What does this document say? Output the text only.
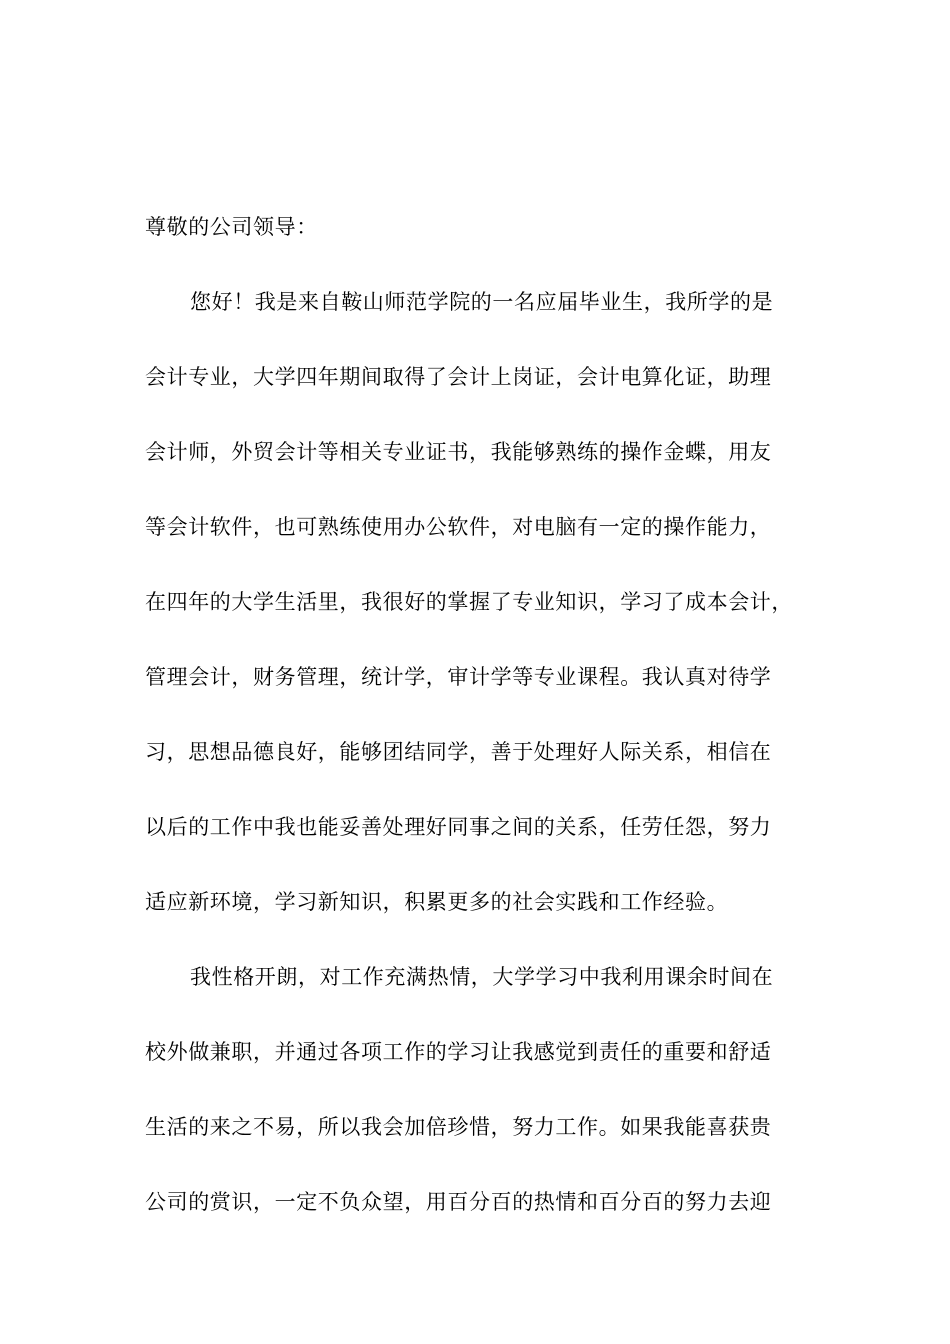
尊敬的公司领导：
您好！我是来自鞍山师范学院的一名应届毕业生，我所学的是
会计专业，大学四年期间取得了会计上岗证，会计电算化证，助理
会计师，外贸会计等相关专业证书，我能够熟练的操作金蝶，用友
等会计软件，也可熟练使用办公软件，对电脑有一定的操作能力，
在四年的大学生活里，我很好的掌握了专业知识，学习了成本会计，
管理会计，财务管理，统计学，审计学等专业课程。我认真对待学
习，思想品德良好，能够团结同学，善于处理好人际关系，相信在
以后的工作中我也能妥善处理好同事之间的关系，任劳任怨，努力
适应新环境，学习新知识，积累更多的社会实践和工作经验。
我性格开朗，对工作充满热情，大学学习中我利用课余时间在
校外做兼职，并通过各项工作的学习让我感觉到责任的重要和舒适
生活的来之不易，所以我会加倍珍惜，努力工作。如果我能喜获贵
公司的赏识，一定不负众望，用百分百的热情和百分百的努力去迎
